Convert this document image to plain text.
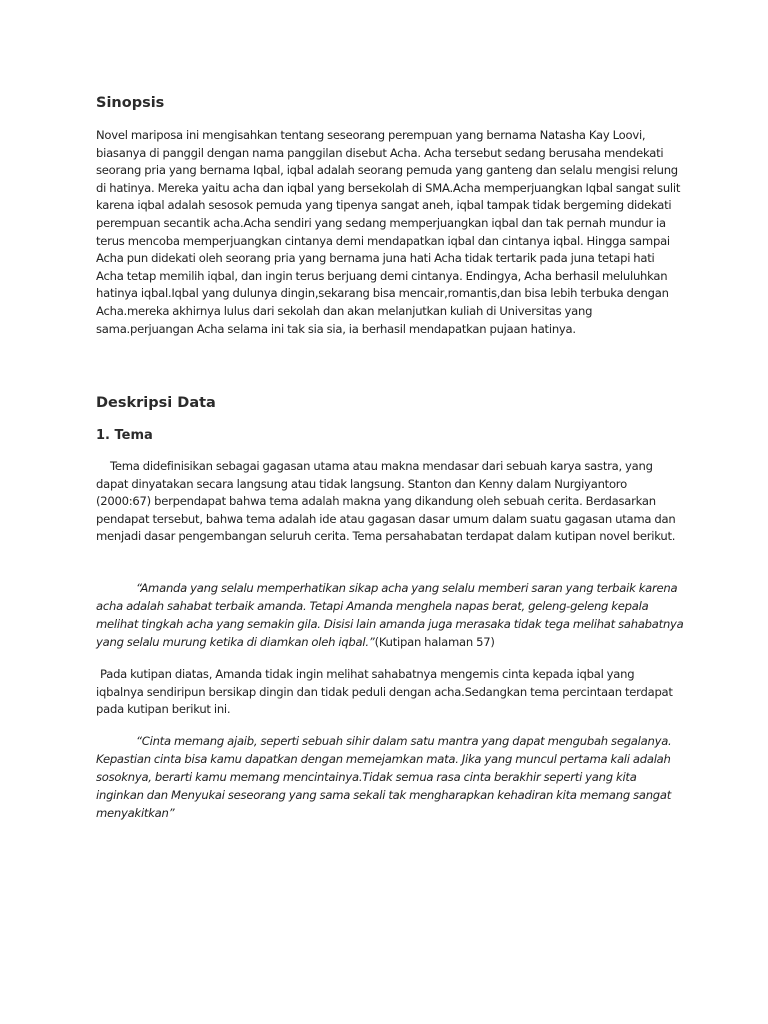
Sinopsis

Novel mariposa ini mengisahkan tentang seseorang perempuan yang bernama Natasha Kay Loovi, biasanya di panggil dengan nama panggilan disebut Acha. Acha tersebut sedang berusaha mendekati seorang pria yang bernama Iqbal, iqbal adalah seorang pemuda yang ganteng dan selalu mengisi relung di hatinya. Mereka yaitu acha dan iqbal yang bersekolah di SMA.Acha memperjuangkan Iqbal sangat sulit karena iqbal adalah sesosok pemuda yang tipenya sangat aneh, iqbal tampak tidak bergeming didekati perempuan secantik acha.Acha sendiri yang sedang memperjuangkan iqbal dan tak pernah mundur ia terus mencoba memperjuangkan cintanya demi mendapatkan iqbal dan cintanya iqbal. Hingga sampai Acha pun didekati oleh seorang pria yang bernama juna hati Acha tidak tertarik pada juna tetapi hati Acha tetap memilih iqbal, dan ingin terus berjuang demi cintanya. Endingya, Acha berhasil meluluhkan hatinya iqbal.Iqbal yang dulunya dingin,sekarang bisa mencair,romantis,dan bisa lebih terbuka dengan Acha.mereka akhirnya lulus dari sekolah dan akan melanjutkan kuliah di Universitas yang sama.perjuangan Acha selama ini tak sia sia, ia berhasil mendapatkan pujaan hatinya.

Deskripsi Data
1. Tema

Tema didefinisikan sebagai gagasan utama atau makna mendasar dari sebuah karya sastra, yang dapat dinyatakan secara langsung atau tidak langsung. Stanton dan Kenny dalam Nurgiyantoro (2000:67) berpendapat bahwa tema adalah makna yang dikandung oleh sebuah cerita. Berdasarkan pendapat tersebut, bahwa tema adalah ide atau gagasan dasar umum dalam suatu gagasan utama dan menjadi dasar pengembangan seluruh cerita. Tema persahabatan terdapat dalam kutipan novel berikut.

“Amanda yang selalu memperhatikan sikap acha yang selalu memberi saran yang terbaik karena acha adalah sahabat terbaik amanda. Tetapi Amanda menghela napas berat, geleng-geleng kepala melihat tingkah acha yang semakin gila. Disisi lain amanda juga merasaka tidak tega melihat sahabatnya yang selalu murung ketika di diamkan oleh iqbal.”(Kutipan halaman 57)

Pada kutipan diatas, Amanda tidak ingin melihat sahabatnya mengemis cinta kepada iqbal yang iqbalnya sendiripun bersikap dingin dan tidak peduli dengan acha.Sedangkan tema percintaan terdapat pada kutipan berikut ini.

“Cinta memang ajaib, seperti sebuah sihir dalam satu mantra yang dapat mengubah segalanya. Kepastian cinta bisa kamu dapatkan dengan memejamkan mata. Jika yang muncul pertama kali adalah sosoknya, berarti kamu memang mencintainya.Tidak semua rasa cinta berakhir seperti yang kita inginkan dan Menyukai seseorang yang sama sekali tak mengharapkan kehadiran kita memang sangat menyakitkan”
